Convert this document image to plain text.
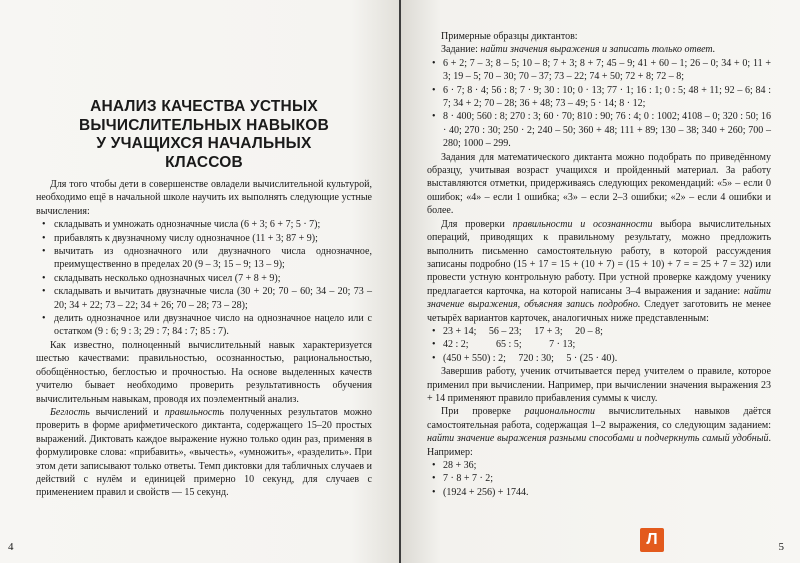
АНАЛИЗ КАЧЕСТВА УСТНЫХ
ВЫЧИСЛИТЕЛЬНЫХ НАВЫКОВ
У УЧАЩИХСЯ НАЧАЛЬНЫХ
КЛАССОВ

Для того чтобы дети в совершенстве овладели вычислительной культурой, необходимо ещё в начальной школе научить их выполнять следующие устные вычисления:

• складывать и умножать однозначные числа (6 + 3; 6 + 7; 5 · 7);
• прибавлять к двузначному числу однозначное (11 + 3; 87 + 9);
• вычитать из однозначного или двузначного числа однозначное, преимущественно в пределах 20 (9 – 3; 15 – 9; 13 – 9);
• складывать несколько однозначных чисел (7 + 8 + 9);
• складывать и вычитать двузначные числа (30 + 20; 70 – 60; 34 – 20; 73 – 20; 34 + 22; 73 – 22; 34 + 26; 70 – 28; 73 – 28);
• делить однозначное или двузначное число на однозначное нацело или с остатком (9 : 6; 9 : 3; 29 : 7; 84 : 7; 85 : 7).

Как известно, полноценный вычислительный навык характеризуется шестью качествами: правильностью, осознанностью, рациональностью, обобщённостью, беглостью и прочностью. На основе выделенных качеств учителю бывает необходимо проверить результативность обучения вычислительным навыкам, проводя их поэлементный анализ.

Беглость вычислений и правильность полученных результатов можно проверить в форме арифметического диктанта, содержащего 15–20 простых выражений. Диктовать каждое выражение нужно только один раз, применяя в формулировке слова: «прибавить», «вычесть», «умножить», «разделить». При этом дети записывают только ответы. Темп диктовки для табличных случаев и действий с нулём и единицей примерно 10 секунд, для случаев с применением правил и свойств — 15 секунд.

4

Примерные образцы диктантов:

Задание: найти значения выражения и записать только ответ.

• 6 + 2; 7 – 3; 8 – 5; 10 – 8; 7 + 3; 8 + 7; 45 – 9; 41 + 60 – 1; 26 – 0; 34 + 0; 11 + 3; 19 – 5; 70 – 30; 70 – 37; 73 – 22; 74 + 50; 72 + 8; 72 – 8;
• 6 · 7; 8 · 4; 56 : 8; 7 · 9; 30 : 10; 0 · 13; 77 · 1; 16 : 1; 0 : 5; 48 + 11; 92 – 6; 84 : 7; 34 + 2; 70 – 28; 36 + 48; 73 – 49; 5 · 14; 8 · 12;
• 8 · 400; 560 : 8; 270 : 3; 60 · 70; 810 : 90; 76 : 4; 0 : 1002; 4108 – 0; 320 : 50; 16 · 40; 270 : 30; 250 · 2; 240 – 50; 360 + 48; 111 + 89; 130 – 38; 340 + 260; 700 – 280; 1000 – 299.

Задания для математического диктанта можно подобрать по приведённому образцу, учитывая возраст учащихся и пройденный материал. За работу выставляются отметки, придерживаясь следующих рекомендаций: «5» – если 0 ошибок; «4» – если 1 ошибка; «3» – если 2–3 ошибки; «2» – если 4 ошибки и более.

Для проверки правильности и осознанности выбора вычислительных операций, приводящих к правильному результату, можно предложить выполнить письменно самостоятельную работу, в которой рассуждения записаны подробно (15 + 17 = 15 + (10 + 7) = (15 + 10) + 7 = = 25 + 7 = 32) или провести устную контрольную работу. При устной проверке каждому ученику предлагается карточка, на которой написаны 3–4 выражения и задание: найти значение выражения, объясняя запись подробно. Следует заготовить не менее четырёх вариантов карточек, аналогичных ниже представленным:

• 23 + 14;     56 – 23;     17 + 3;     20 – 8;
• 42 : 2;           65 : 5;           7 · 13;
• (450 + 550) : 2;     720 : 30;     5 · (25 · 40).

Завершив работу, ученик отчитывается перед учителем о правиле, которое применил при вычислении. Например, при вычислении значения выражения 23 + 14 применяют правило прибавления суммы к числу.

При проверке рациональности вычислительных навыков даётся самостоятельная работа, содержащая 1–2 выражения, со следующим заданием: найти значение выражения разными способами и подчеркнуть самый удобный. Например:

• 28 + 36;
• 7 · 8 + 7 · 2;
• (1924 + 256) + 1744.
5
Л
